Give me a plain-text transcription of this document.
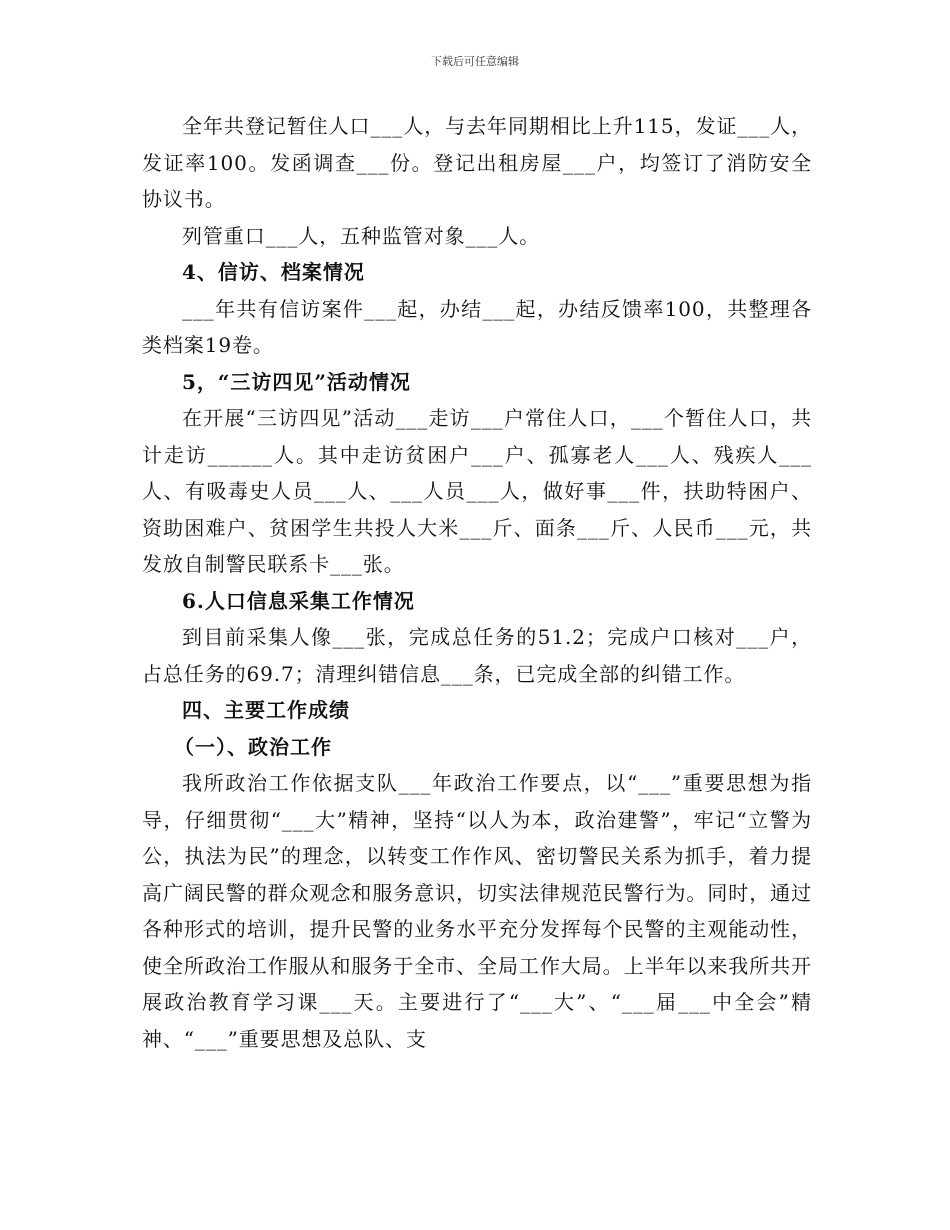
下载后可任意编辑

全年共登记暂住人口___人，与去年同期相比上升115，发证___人，发证率100。发函调查___份。登记出租房屋___户，均签订了消防安全协议书。

列管重口___人，五种监管对象___人。

4、信访、档案情况

___年共有信访案件___起，办结___起，办结反馈率100，共整理各类档案19卷。

5，“三访四见”活动情况

在开展“三访四见”活动___走访___户常住人口，___个暂住人口，共计走访______人。其中走访贫困户___户、孤寡老人___人、残疾人___人、有吸毒史人员___人、___人员___人，做好事___件，扶助特困户、资助困难户、贫困学生共投人大米___斤、面条___斤、人民币___元，共发放自制警民联系卡___张。

6.人口信息采集工作情况

到目前采集人像___张，完成总任务的51.2；完成户口核对___户，占总任务的69.7；清理纠错信息___条，已完成全部的纠错工作。

四、主要工作成绩

（一）、政治工作

我所政治工作依据支队___年政治工作要点，以“___”重要思想为指导，仔细贯彻“___大”精神，坚持“以人为本，政治建警”，牢记“立警为公，执法为民”的理念，以转变工作作风、密切警民关系为抓手，着力提高广阔民警的群众观念和服务意识，切实法律规范民警行为。同时，通过各种形式的培训，提升民警的业务水平充分发挥每个民警的主观能动性，使全所政治工作服从和服务于全市、全局工作大局。上半年以来我所共开展政治教育学习课___天。主要进行了“___大”、“___届___中全会”精神、“___”重要思想及总队、支
